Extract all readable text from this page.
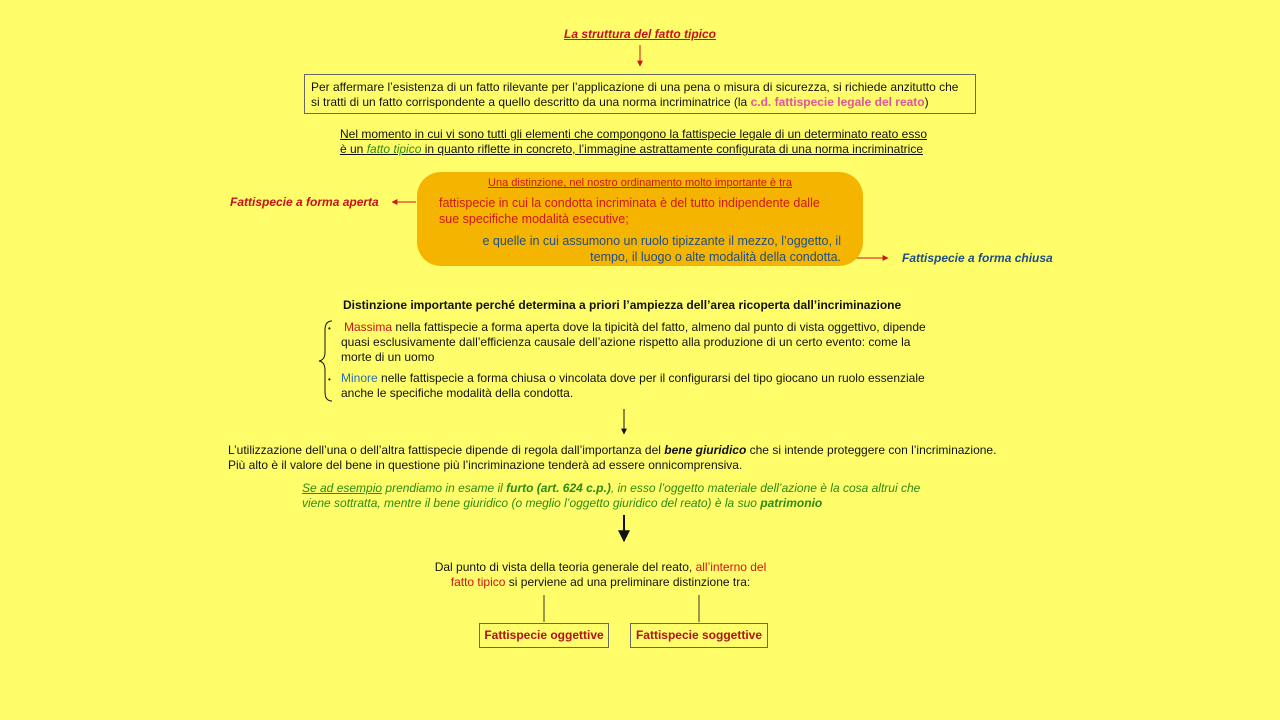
La struttura del fatto tipico
Per affermare l’esistenza di un fatto rilevante per l’applicazione di una pena o misura di sicurezza, si richiede anzitutto che si tratti di un fatto corrispondente a quello descritto da una norma incriminatrice (la c.d. fattispecie legale del reato)
Nel momento in cui vi sono tutti gli elementi che compongono la fattispecie legale di un determinato reato esso
è un fatto tipico in quanto riflette in concreto, l’immagine astrattamente configurata di una norma incriminatrice
Una distinzione, nel nostro ordinamento molto importante è tra
fattispecie in cui la condotta incriminata è del tutto indipendente dalle sue specifiche modalità esecutive;
e quelle in cui assumono un ruolo tipizzante il mezzo, l’oggetto, il tempo, il luogo o alte modalità della condotta.
Fattispecie a forma aperta
Fattispecie a forma chiusa
Distinzione importante perché determina a priori l’ampiezza dell’area ricoperta dall’incriminazione
Massima nella fattispecie a forma aperta dove la tipicità del fatto, almeno dal punto di vista oggettivo, dipende quasi esclusivamente dall’efficienza causale dell’azione rispetto alla produzione di un certo evento: come la morte di un uomo
•
Minore nelle fattispecie a forma chiusa o vincolata dove per il configurarsi del tipo giocano un ruolo essenziale anche le specifiche modalità della condotta.
•
L’utilizzazione dell’una o dell’altra fattispecie dipende di regola dall’importanza del bene giuridico che si intende proteggere con l’incriminazione.
Più alto è il valore del bene in questione più l’incriminazione tenderà ad essere onnicomprensiva.
Se ad esempio prendiamo in esame il furto (art. 624 c.p.), in esso l’oggetto materiale dell’azione è la cosa altrui che viene sottratta, mentre il bene giuridico (o meglio l’oggetto giuridico del reato) è la suo patrimonio
Dal punto di vista della teoria generale del reato, all’interno del fatto tipico si perviene ad una preliminare distinzione tra:
Fattispecie oggettive	Fattispecie soggettive
